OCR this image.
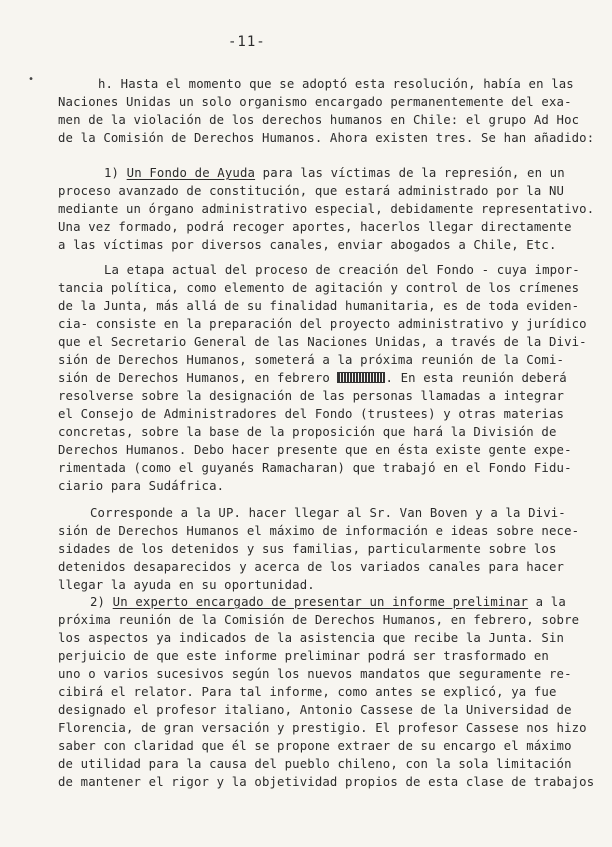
-11-
•	h. Hasta el momento que se adoptó esta resolución, había en las
Naciones Unidas un solo organismo encargado permanentemente del exa-
men de la violación de los derechos humanos en Chile: el grupo Ad Hoc
de la Comisión de Derechos Humanos. Ahora existen tres. Se han añadido:
1) Un Fondo de Ayuda para las víctimas de la represión, en un
proceso avanzado de constitución, que estará administrado por la NU
mediante un órgano administrativo especial, debidamente representativo.
Una vez formado, podrá recoger aportes, hacerlos llegar directamente
a las víctimas por diversos canales, enviar abogados a Chile, Etc.
La etapa actual del proceso de creación del Fondo - cuya impor-
tancia política, como elemento de agitación y control de los crímenes
de la Junta, más allá de su finalidad humanitaria, es de toda eviden-
cia- consiste en la preparación del proyecto administrativo y jurídico
que el Secretario General de las Naciones Unidas, a través de la Divi-
sión de Derechos Humanos, someterá a la próxima reunión de la Comi-
sión de Derechos Humanos, en febrero	. En esta reunión deberá
resolverse sobre la designación de las personas llamadas a integrar
el Consejo de Administradores del Fondo (trustees) y otras materias
concretas, sobre la base de la proposición que hará la División de
Derechos Humanos. Debo hacer presente que en ésta existe gente expe-
rimentada (como el guyanés Ramacharan) que trabajó en el Fondo Fidu-
ciario para Sudáfrica.
Corresponde a la UP. hacer llegar al Sr. Van Boven y a la Divi-
sión de Derechos Humanos el máximo de información e ideas sobre nece-
sidades de los detenidos y sus familias, particularmente sobre los
detenidos desaparecidos y acerca de los variados canales para hacer
llegar la ayuda en su oportunidad.
2) Un experto encargado de presentar un informe preliminar a la
próxima reunión de la Comisión de Derechos Humanos, en febrero, sobre
los aspectos ya indicados de la asistencia que recibe la Junta. Sin
perjuicio de que este informe preliminar podrá ser trasformado en
uno o varios sucesivos según los nuevos mandatos que seguramente re-
cibirá el relator. Para tal informe, como antes se explicó, ya fue
designado el profesor italiano, Antonio Cassese de la Universidad de
Florencia, de gran versación y prestigio. El profesor Cassese nos hizo
saber con claridad que él se propone extraer de su encargo el máximo
de utilidad para la causa del pueblo chileno, con la sola limitación
de mantener el rigor y la objetividad propios de esta clase de trabajos
